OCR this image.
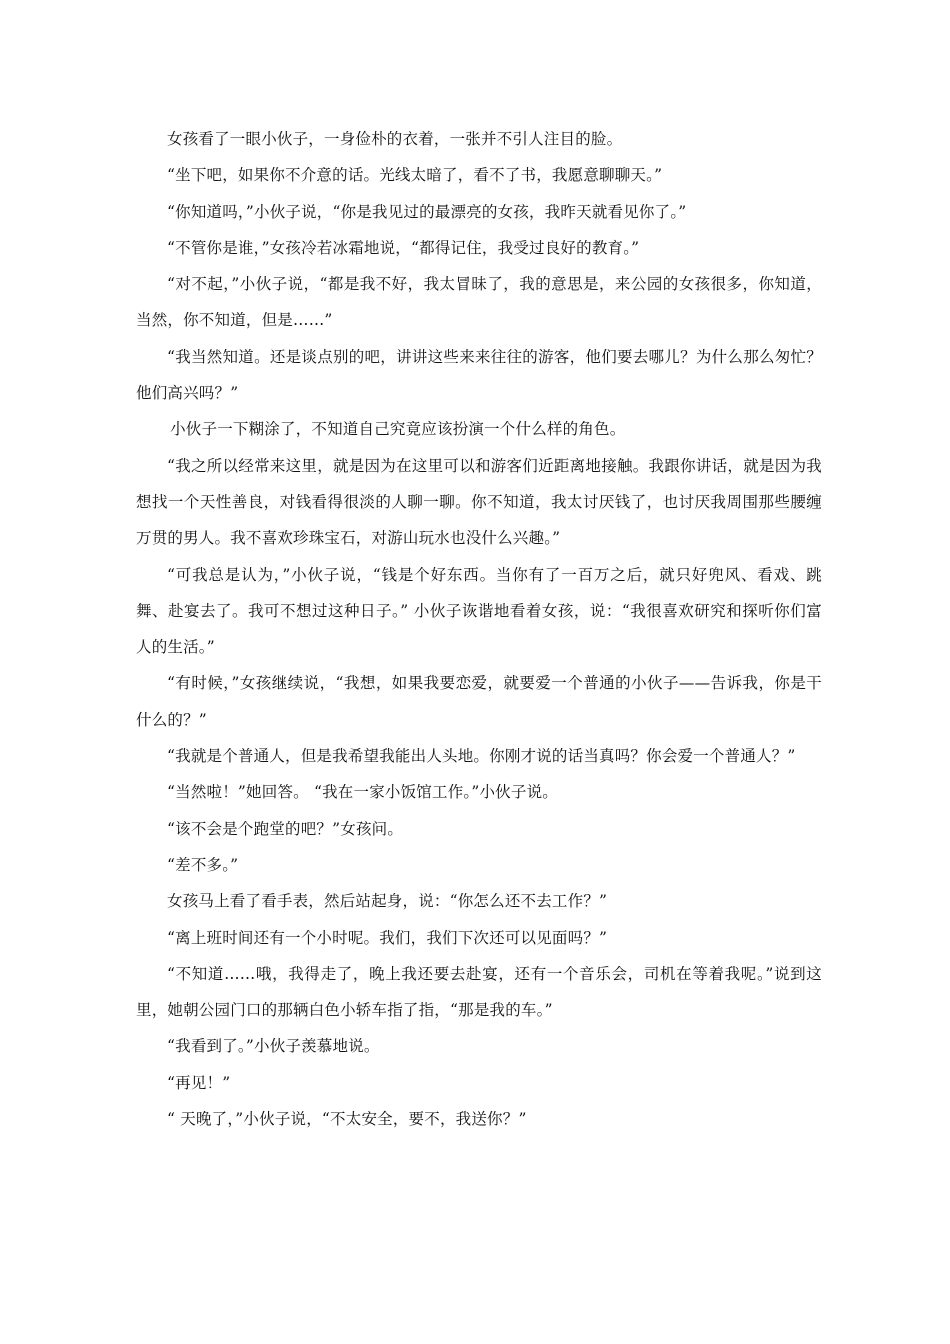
女孩看了一眼小伙子，一身俭朴的衣着，一张并不引人注目的脸。

“坐下吧，如果你不介意的话。光线太暗了，看不了书，我愿意聊聊天。”

“你知道吗，”小伙子说，“你是我见过的最漂亮的女孩，我昨天就看见你了。”

“不管你是谁，”女孩冷若冰霜地说，“都得记住，我受过良好的教育。”

“对不起，”小伙子说，“都是我不好，我太冒昧了，我的意思是，来公园的女孩很多，你知道，当然，你不知道，但是……”

“我当然知道。还是谈点别的吧，讲讲这些来来往往的游客，他们要去哪儿？为什么那么匆忙？他们高兴吗？”

小伙子一下糊涂了，不知道自己究竟应该扮演一个什么样的角色。

“我之所以经常来这里，就是因为在这里可以和游客们近距离地接触。我跟你讲话，就是因为我想找一个天性善良，对钱看得很淡的人聊一聊。你不知道，我太讨厌钱了，也讨厌我周围那些腰缠万贯的男人。我不喜欢珍珠宝石，对游山玩水也没什么兴趣。”

“可我总是认为，”小伙子说，“钱是个好东西。当你有了一百万之后，就只好兜风、看戏、跳舞、赴宴去了。我可不想过这种日子。” 小伙子诙谐地看着女孩，说：“我很喜欢研究和探听你们富人的生活。”

“有时候，”女孩继续说，“我想，如果我要恋爱，就要爱一个普通的小伙子——告诉我，你是干什么的？”

“我就是个普通人，但是我希望我能出人头地。你刚才说的话当真吗？你会爱一个普通人？”

“当然啦！”她回答。 “我在一家小饭馆工作。”小伙子说。

“该不会是个跑堂的吧？”女孩问。

“差不多。”

女孩马上看了看手表，然后站起身，说：“你怎么还不去工作？”

“离上班时间还有一个小时呢。我们，我们下次还可以见面吗？”

“不知道……哦，我得走了，晚上我还要去赴宴，还有一个音乐会，司机在等着我呢。”说到这里，她朝公园门口的那辆白色小轿车指了指，“那是我的车。”

“我看到了。”小伙子羡慕地说。

“再见！”

“ 天晚了，”小伙子说，“不太安全，要不，我送你？”
